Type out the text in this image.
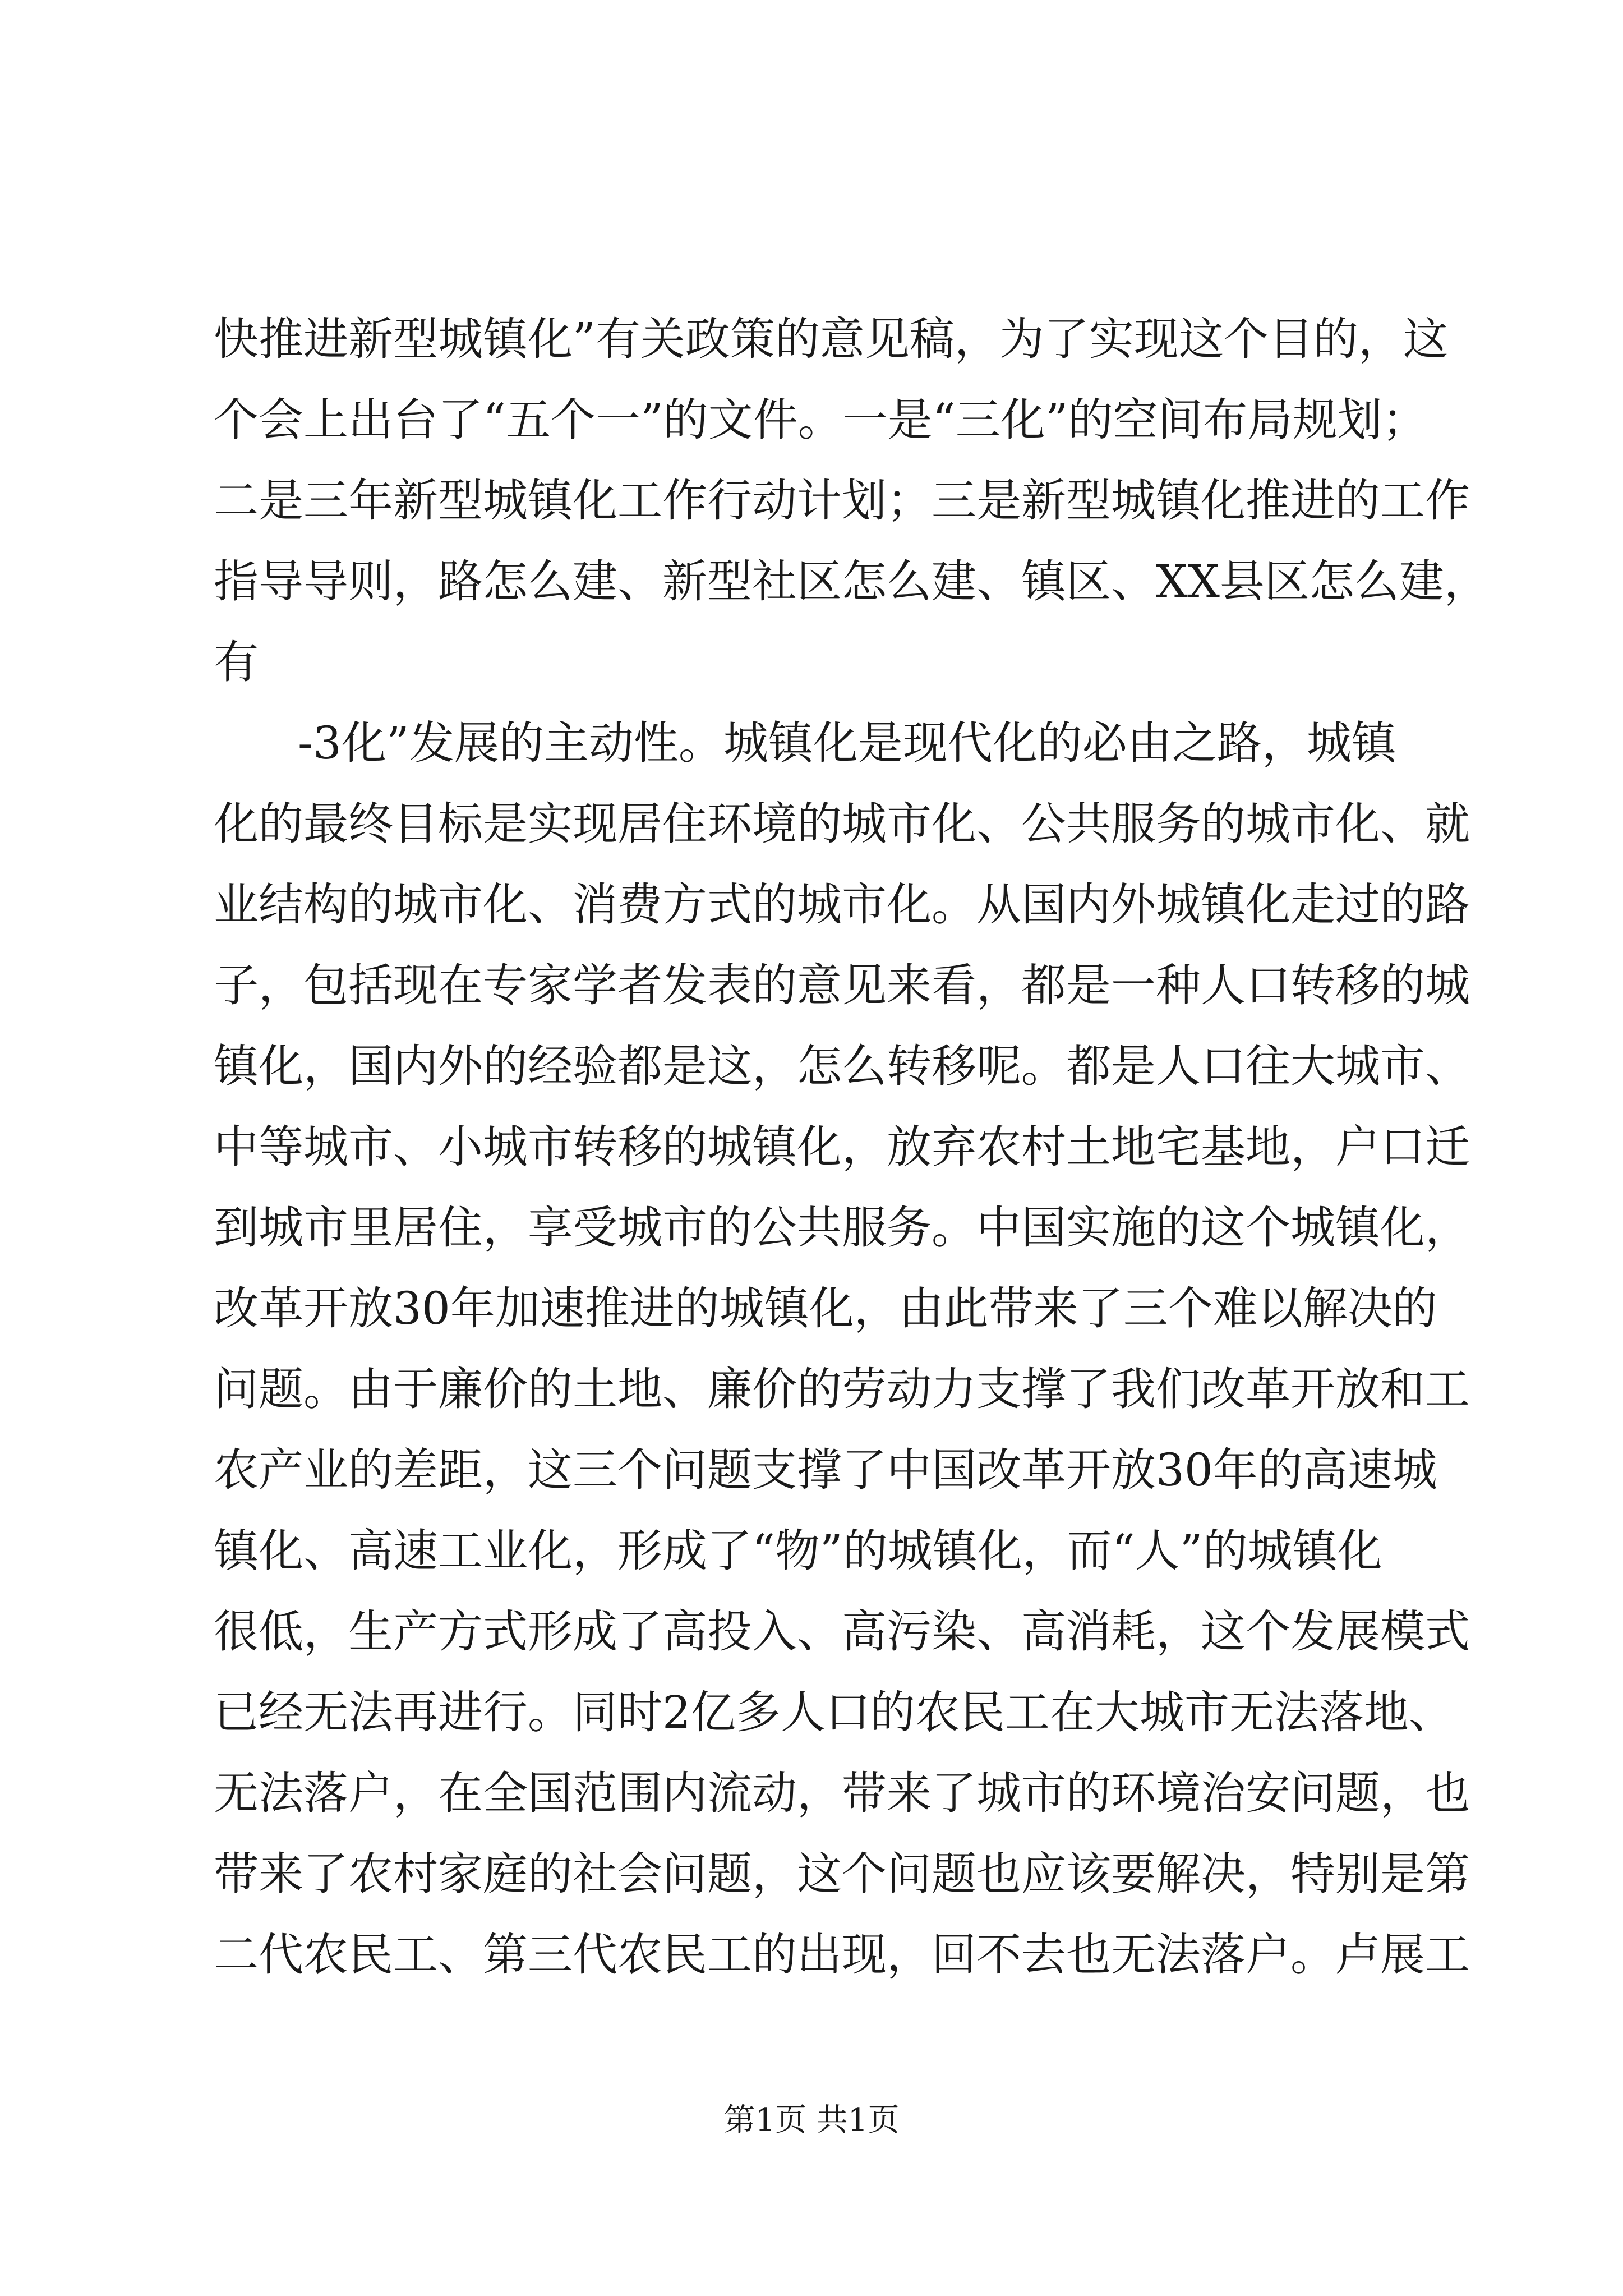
快推进新型城镇化”有关政策的意见稿，为了实现这个目的，这
个会上出台了“五个一”的文件。一是“三化”的空间布局规划；
二是三年新型城镇化工作行动计划；三是新型城镇化推进的工作
指导导则，路怎么建、新型社区怎么建、镇区、XX县区怎么建，
有
-3化”发展的主动性。城镇化是现代化的必由之路，城镇
化的最终目标是实现居住环境的城市化、公共服务的城市化、就
业结构的城市化、消费方式的城市化。从国内外城镇化走过的路
子，包括现在专家学者发表的意见来看，都是一种人口转移的城
镇化，国内外的经验都是这，怎么转移呢。都是人口往大城市、
中等城市、小城市转移的城镇化，放弃农村土地宅基地，户口迁
到城市里居住，享受城市的公共服务。中国实施的这个城镇化，
改革开放30年加速推进的城镇化，由此带来了三个难以解决的
问题。由于廉价的土地、廉价的劳动力支撑了我们改革开放和工
农产业的差距，这三个问题支撑了中国改革开放30年的高速城
镇化、高速工业化，形成了“物”的城镇化，而“人”的城镇化
很低，生产方式形成了高投入、高污染、高消耗，这个发展模式
已经无法再进行。同时2亿多人口的农民工在大城市无法落地、
无法落户，在全国范围内流动，带来了城市的环境治安问题，也
带来了农村家庭的社会问题，这个问题也应该要解决，特别是第
二代农民工、第三代农民工的出现，回不去也无法落户。卢展工
第1页 共1页
